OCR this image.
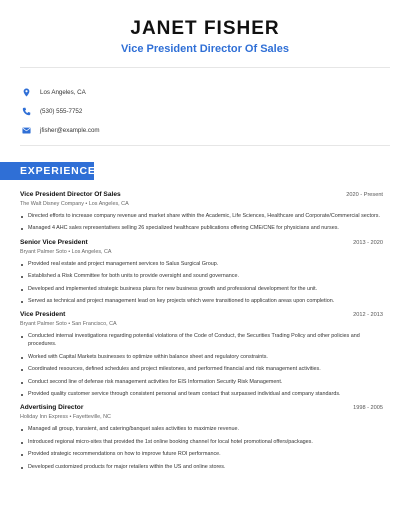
JANET FISHER
Vice President Director Of Sales
Los Angeles, CA
(530) 555-7752
jfisher@example.com
EXPERIENCE
Vice President Director Of Sales	2020 - Present
The Walt Disney Company • Los Angeles, CA
Directed efforts to increase company revenue and market share within the Academic, Life Sciences, Healthcare and Corporate/Commercial sectors.
Managed 4 AHC sales representatives selling 26 specialized healthcare publications offering CME/CNE for physicians and nurses.
Senior Vice President	2013 - 2020
Bryant Palmer Soto • Los Angeles, CA
Provided real estate and project management services to Salus Surgical Group.
Established a Risk Committee for both units to provide oversight and sound governance.
Developed and implemented strategic business plans for new business growth and professional development for the unit.
Served as technical and project management lead on key projects which were transitioned to application areas upon completion.
Vice President	2012 - 2013
Bryant Palmer Soto • San Francisco, CA
Conducted internal investigations regarding potential violations of the Code of Conduct, the Securities Trading Policy and other policies and procedures.
Worked with Capital Markets businesses to optimize within balance sheet and regulatory constraints.
Coordinated resources, defined schedules and project milestones, and performed financial and risk management activities.
Conduct second line of defense risk management activities for EIS Information Security Risk Management.
Provided quality customer service through consistent personal and team contact that surpassed individual and company standards.
Advertising Director	1998 - 2005
Holiday Inn Express • Fayetteville, NC
Managed all group, transient, and catering/banquet sales activities to maximize revenue.
Introduced regional micro-sites that provided the 1st online booking channel for local hotel promotional offers/packages.
Provided strategic recommendations on how to improve future ROI performance.
Developed customized products for major retailers within the US and online stores.
